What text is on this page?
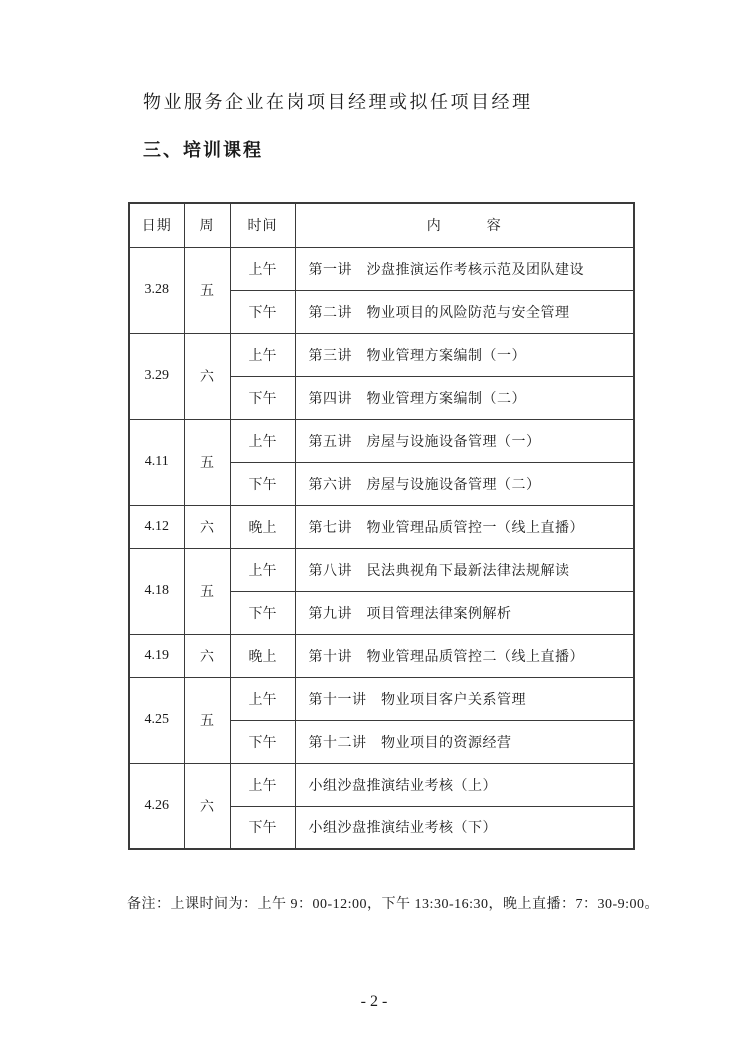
物业服务企业在岗项目经理或拟任项目经理
三、培训课程
日期	周	时间	内　　　容
3.28	五	上午	第一讲　沙盘推演运作考核示范及团队建设
		下午	第二讲　物业项目的风险防范与安全管理
3.29	六	上午	第三讲　物业管理方案编制（一）
		下午	第四讲　物业管理方案编制（二）
4.11	五	上午	第五讲　房屋与设施设备管理（一）
		下午	第六讲　房屋与设施设备管理（二）
4.12	六	晚上	第七讲　物业管理品质管控一（线上直播）
4.18	五	上午	第八讲　民法典视角下最新法律法规解读
		下午	第九讲　项目管理法律案例解析
4.19	六	晚上	第十讲　物业管理品质管控二（线上直播）
4.25	五	上午	第十一讲　物业项目客户关系管理
		下午	第十二讲　物业项目的资源经营
4.26	六	上午	小组沙盘推演结业考核（上）
		下午	小组沙盘推演结业考核（下）
备注：上课时间为：上午 9：00-12:00，下午 13:30-16:30，晚上直播：7：30-9:00。
- 2 -
